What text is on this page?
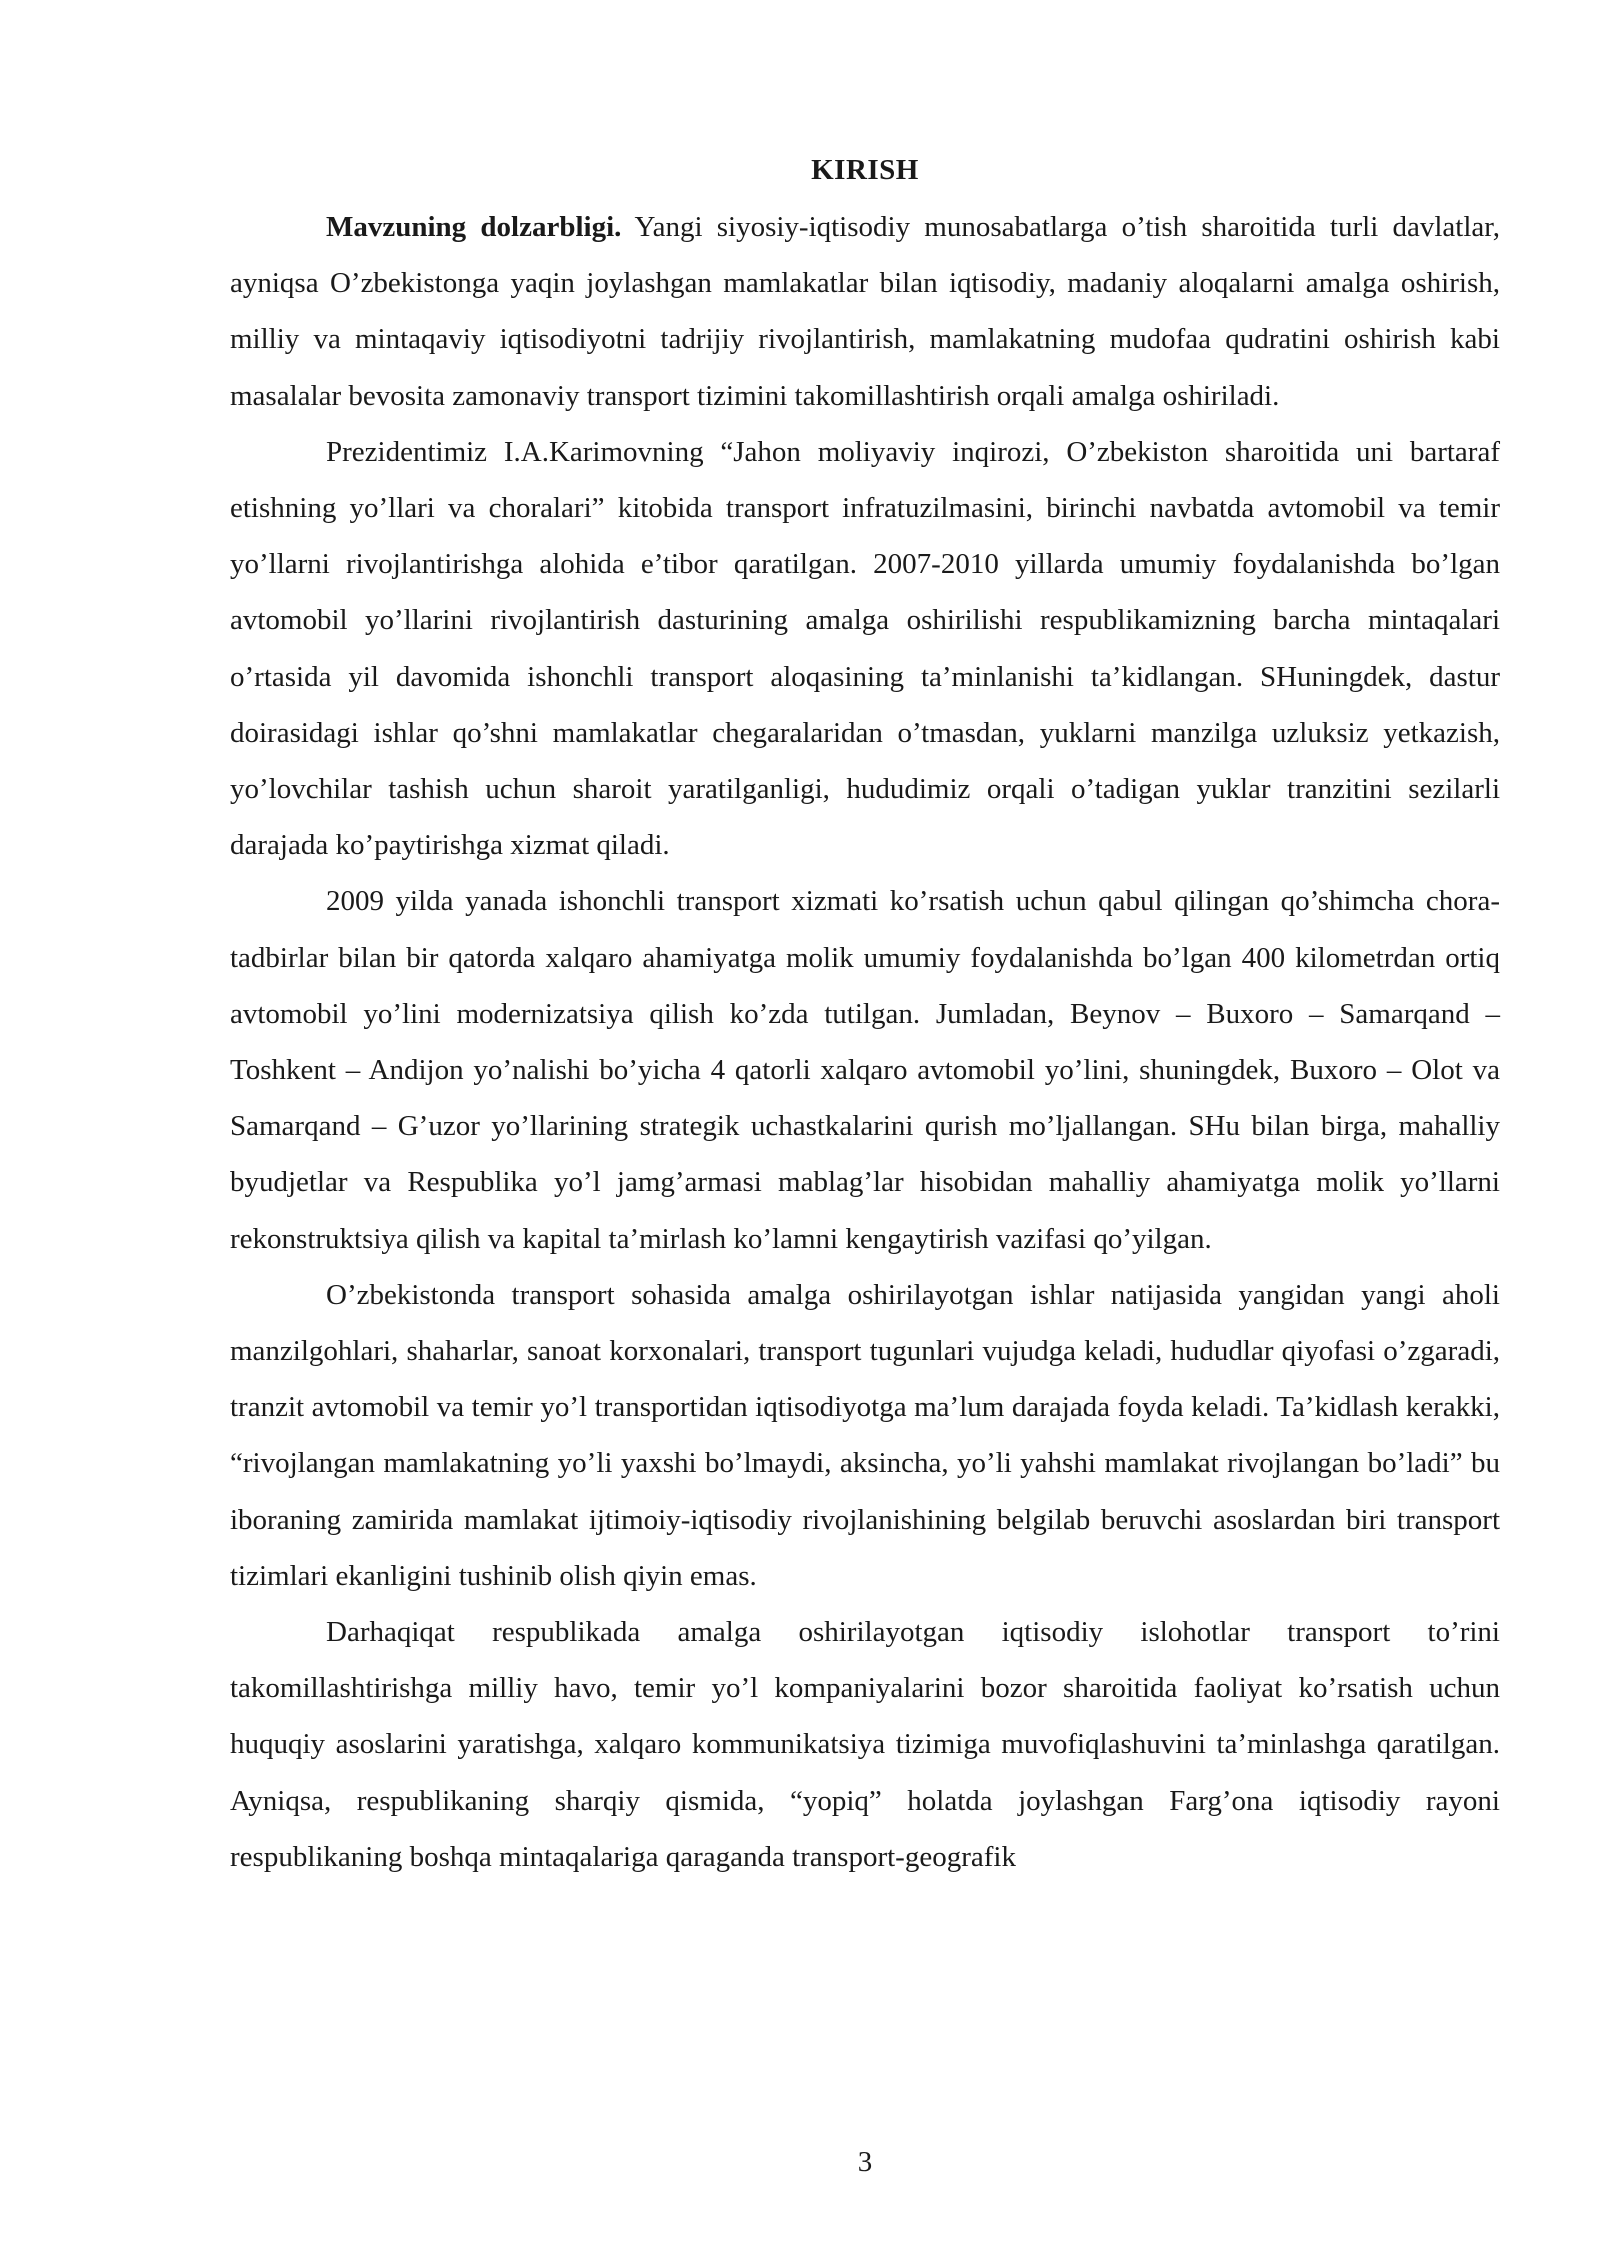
KIRISH

Mavzuning dolzarbligi. Yangi siyosiy-iqtisodiy munosabatlarga o’tish sharoitida turli davlatlar, ayniqsa O’zbekistonga yaqin joylashgan mamlakatlar bilan iqtisodiy, madaniy aloqalarni amalga oshirish, milliy va mintaqaviy iqtisodiyotni tadrijiy rivojlantirish, mamlakatning mudofaa qudratini oshirish kabi masalalar bevosita zamonaviy transport tizimini takomillashtirish orqali amalga oshiriladi.

Prezidentimiz I.A.Karimovning “Jahon moliyaviy inqirozi, O’zbekiston sharoitida uni bartaraf etishning yo’llari va choralari” kitobida transport infratuzilmasini, birinchi navbatda avtomobil va temir yo’llarni rivojlantirishga alohida e’tibor qaratilgan. 2007-2010 yillarda umumiy foydalanishda bo’lgan avtomobil yo’llarini rivojlantirish dasturining amalga oshirilishi respublikamizning barcha mintaqalari o’rtasida yil davomida ishonchli transport aloqasining ta’minlanishi ta’kidlangan. SHuningdek, dastur doirasidagi ishlar qo’shni mamlakatlar chegaralaridan o’tmasdan, yuklarni manzilga uzluksiz yetkazish, yo’lovchilar tashish uchun sharoit yaratilganligi, hududimiz orqali o’tadigan yuklar tranzitini sezilarli darajada ko’paytirishga xizmat qiladi.

2009 yilda yanada ishonchli transport xizmati ko’rsatish uchun qabul qilingan qo’shimcha chora-tadbirlar bilan bir qatorda xalqaro ahamiyatga molik umumiy foydalanishda bo’lgan 400 kilometrdan ortiq avtomobil yo’lini modernizatsiya qilish ko’zda tutilgan. Jumladan, Beynov – Buxoro – Samarqand – Toshkent – Andijon yo’nalishi bo’yicha 4 qatorli xalqaro avtomobil yo’lini, shuningdek, Buxoro – Olot va Samarqand – G’uzor yo’llarining strategik uchastkalarini qurish mo’ljallangan. SHu bilan birga, mahalliy byudjetlar va Respublika yo’l jamg’armasi mablag’lar hisobidan mahalliy ahamiyatga molik yo’llarni rekonstruktsiya qilish va kapital ta’mirlash ko’lamni kengaytirish vazifasi qo’yilgan.

O’zbekistonda transport sohasida amalga oshirilayotgan ishlar natijasida yangidan yangi aholi manzilgohlari, shaharlar, sanoat korxonalari, transport tugunlari vujudga keladi, hududlar qiyofasi o’zgaradi, tranzit avtomobil va temir yo’l transportidan iqtisodiyotga ma’lum darajada foyda keladi. Ta’kidlash kerakki, “rivojlangan mamlakatning yo’li yaxshi bo’lmaydi, aksincha, yo’li yahshi mamlakat rivojlangan bo’ladi” bu iboraning zamirida mamlakat ijtimoiy-iqtisodiy rivojlanishining belgilab beruvchi asoslardan biri transport tizimlari ekanligini tushinib olish qiyin emas.

Darhaqiqat respublikada amalga oshirilayotgan iqtisodiy islohotlar transport to’rini takomillashtirishga milliy havo, temir yo’l kompaniyalarini bozor sharoitida faoliyat ko’rsatish uchun huquqiy asoslarini yaratishga, xalqaro kommunikatsiya tizimiga muvofiqlashuvini ta’minlashga qaratilgan. Ayniqsa, respublikaning sharqiy qismida, “yopiq” holatda joylashgan Farg’ona iqtisodiy rayoni respublikaning boshqa mintaqalariga qaraganda transport-geografik

3
